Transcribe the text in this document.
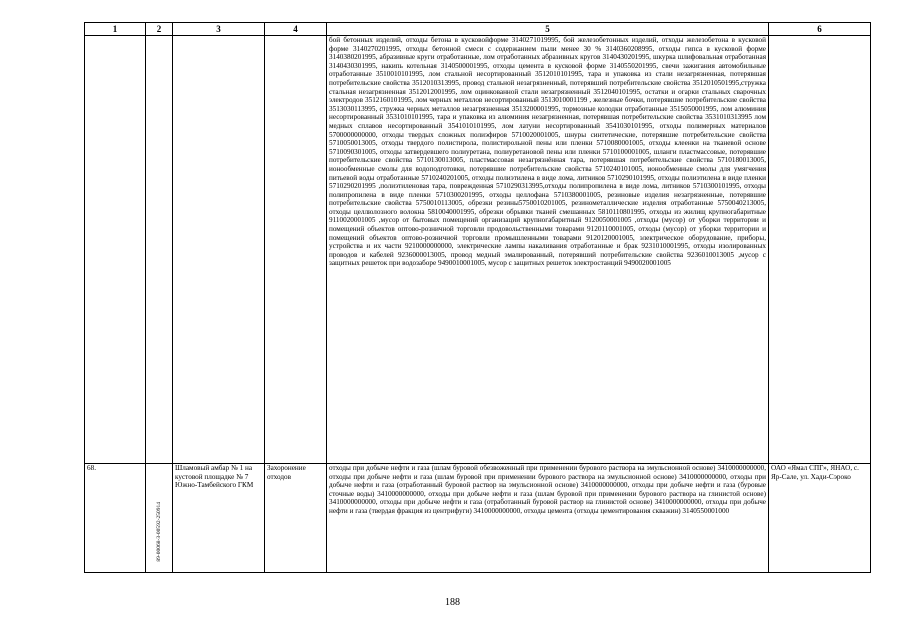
1	2	3	4	5	6
				бой бетонных изделий, отходы бетона в кусковойформе 3140271019995, бой железобетонных изделий, отходы железобетона в кусковой форме 3140270201995, отходы бетонной смеси с содержанием пыли менее 30 % 3140360208995, отходы гипса в кусковой форме 3140380201995, абразивные круги отработанные, лом отработанных абразивных кругов 3140430201995, шкурка шлифовальная отработанная 3140430301995, накипь котельная 3140500001995, отходы цемента в кусковой форме 3140550201995, свечи зажигания автомобильные отработанные 3510010101995, лом стальной несортированный 3512010101995, тара и упаковка из стали незагрязненная, потерявшая потребительские свойства 3512010313995, провод стальной незагрязненный, потерявший потребительские свойства 3512010501995,стружка стальная незагрязненная 3512012001995, лом оцинкованной стали незагрязненный 3512040101995, остатки и огарки стальных сварочных электродов 3512160101995, лом черных металлов несортированный 3513010001199 , железные бочки, потерявшие потребительские свойства 3513030113995, стружка черных металлов незагрязненная 3513200001995, тормозные колодки отработанные 3515050001995, лом алюминия несортированный 3531010101995, тара и упаковка из алюминия незагрязненная, потерявшая потребительские свойства 3531010313995 лом медных сплавов несортированный 3541010101995, лом латуни несортированный 3541030101995, отходы полимерных материалов 5700000000000, отходы твердых сложных полиэфиров 5710020001005, шнуры синтетические, потерявшие потребительские свойства 5710050013005, отходы твердого полистирола, полистирольной пены или пленки 5710080001005, отходы клеенки на тканевой основе 5710090301005, отходы затвердевшего полиуретана, полиуретановой пены или пленки 5710100001005, шланги пластмассовые, потерявшие потребительские свойства 5710130013005, пластмассовая незагрязнённая тара, потерявшая потребительские свойства 5710180013005, ионообменные смолы для водоподготовки, потерявшие потребительские свойства 5710240101005, ионообменные смолы для умягчения питьевой воды отработанные 5710240201005, отходы полиэтилена в виде лома, литников 5710290101995, отходы полиэтилена в виде пленки 5710290201995 ,полиэтиленовая тара, поврежденная 5710290313995,отходы полипропилена в виде лома, литников 5710300101995, отходы полипропилена в виде пленки 5710300201995, отходы целлофана 5710380001005, резиновые изделия незагрязненные, потерявшие потребительские свойства 5750010113005, обрезки резины5750010201005, резинометаллические изделия отработанные 5750040213005, отходы целлюлозного волокна 5810040001995, обрезки обрывки тканей смешанных 5810110801995, отходы из жилищ крупногабаритные 9110020001005 ,мусор от бытовых помещений организаций крупногабаритный 9120050001005 ,отходы (мусор) от уборки территории и помещений объектов оптово-розничной торговли продовольственными товарами 9120110001005, отходы (мусор) от уборки территории и помещений объектов оптово-розничной торговли промышленными товарами 9120120001005, электрическое оборудование, приборы, устройства и их части 9210000000000, электрические лампы накаливания отработанные и брак 9231010001995, отходы изолированных проводов и кабелей 9236000013005, провод медный эмалированный, потерявший потребительские свойства 9236010013005 ,мусор с защитных решеток при водозаборе 9490010001005, мусор с защитных решеток электростанций 9490020001005	
68.	89-00068-З-00592-250914	Шламовый амбар № 1 на кустовой площадке № 7 Южно-Тамбейского ГКМ	Захоронение отходов	отходы при добыче нефти и газа (шлам буровой обезвоженный при применении бурового раствора на эмульсионной основе) 3410000000000, отходы при добыче нефти и газа (шлам буровой при применении бурового раствора на эмульсионной основе) 3410000000000, отходы при добыче нефти и газа (отработанный буровой раствор на эмульсионной основе) 3410000000000, отходы при добыче нефти и газа (буровые сточные воды) 3410000000000, отходы при добыче нефти и газа (шлам буровой при применении бурового раствора на глинистой основе) 3410000000000, отходы при добыче нефти и газа (отработанный буровой раствор на глинистой основе) 3410000000000, отходы при добыче нефти и газа (твердая фракция из центрифуги) 3410000000000, отходы цемента (отходы цементирования скважин) 3140550001000	ОАО «Ямал СПГ», ЯНАО, с. Яр-Сале, ул. Хади-Сэроко
188
